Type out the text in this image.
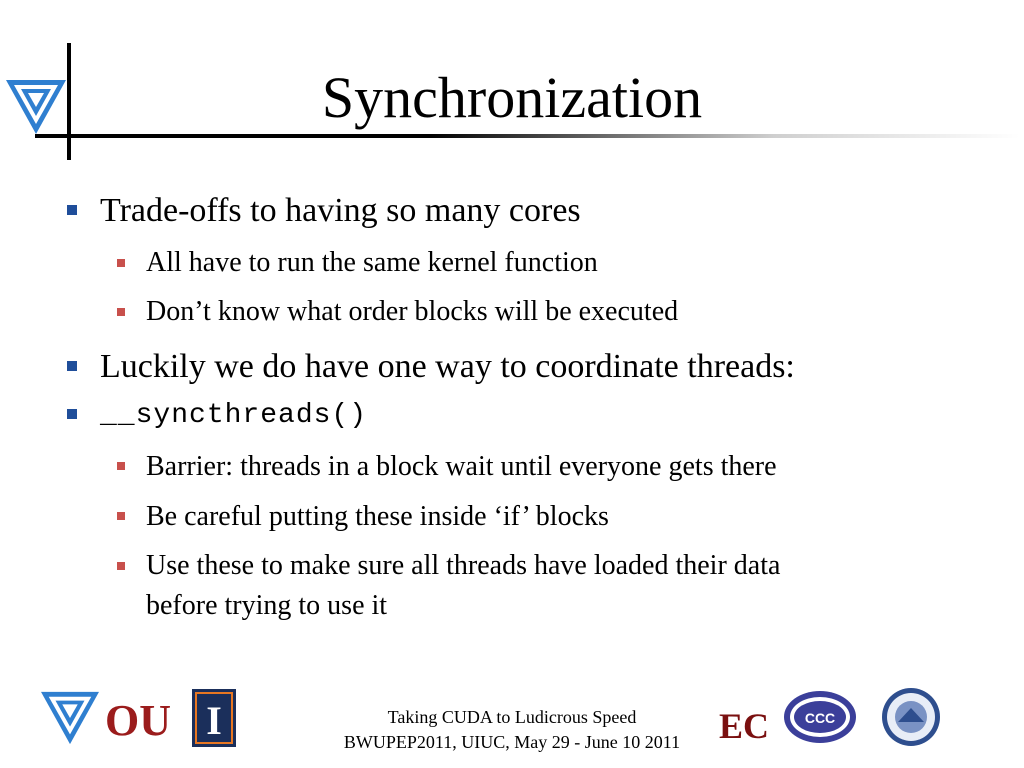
Synchronization
Trade-offs to having so many cores
All have to run the same kernel function
Don’t know what order blocks will be executed
Luckily we do have one way to coordinate threads:
__syncthreads()
Barrier: threads in a block wait until everyone gets there
Be careful putting these inside ‘if’ blocks
Use these to make sure all threads have loaded their data
before trying to use it
OU I	Taking CUDA to Ludicrous Speed
BWUPEP2011, UIUC, May 29 - June 10 2011	EC	CCC
